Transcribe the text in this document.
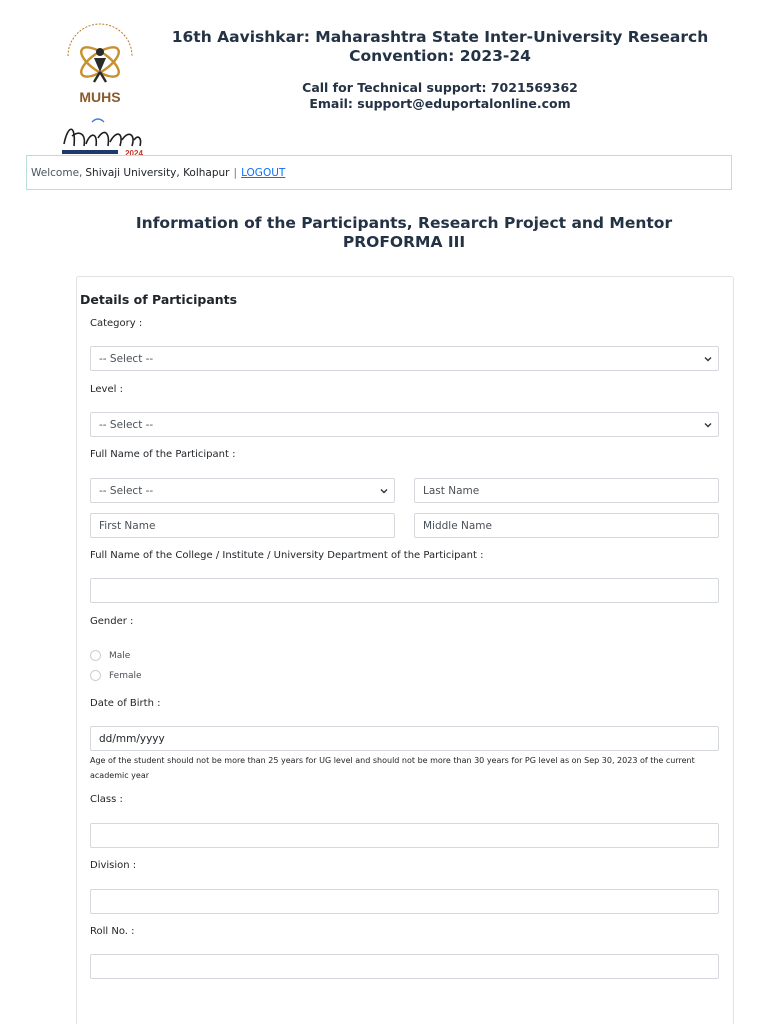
MUHS
2024
16th Aavishkar: Maharashtra State Inter-University Research Convention: 2023-24
Call for Technical support: 7021569362
Email: support@eduportalonline.com
Welcome, Shivaji University, Kolhapur | LOGOUT
Information of the Participants, Research Project and Mentor
PROFORMA III
Details of Participants
Category :
-- Select --
Level :
-- Select --
Full Name of the Participant :
-- Select --	Last Name
First Name	Middle Name
Full Name of the College / Institute / University Department of the Participant :
Gender :
Male
Female
Date of Birth :
dd/mm/yyyy
Age of the student should not be more than 25 years for UG level and should not be more than 30 years for PG level as on Sep 30, 2023 of the current academic year
Class :
Division :
Roll No. :
